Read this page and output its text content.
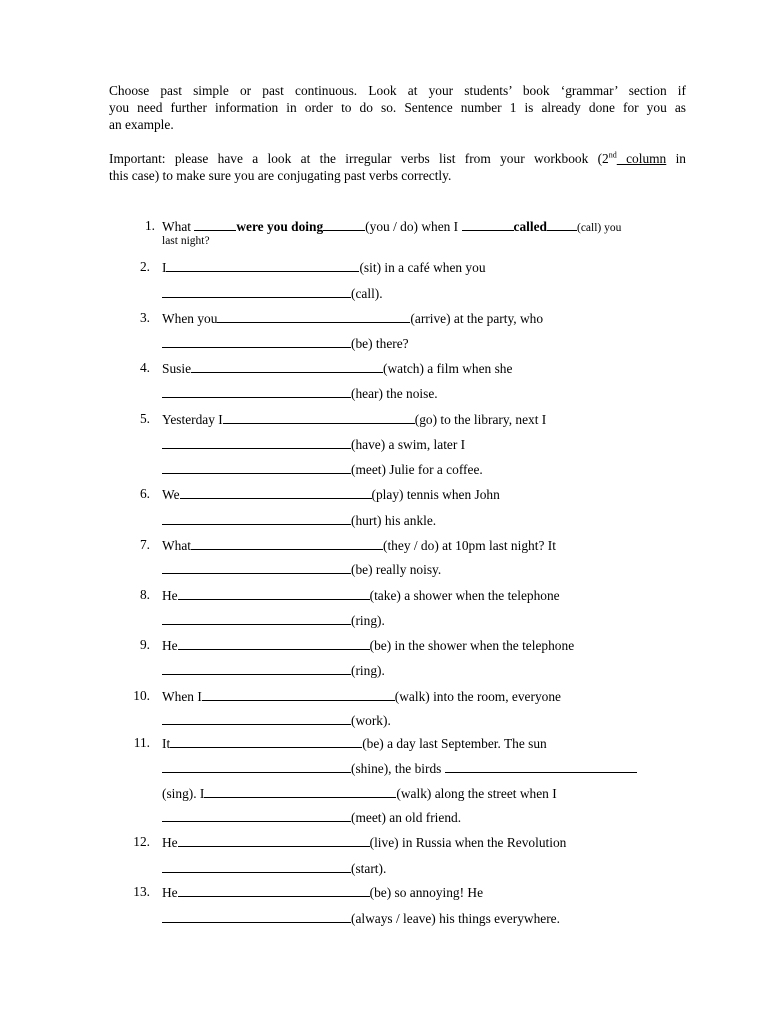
Choose past simple or past continuous. Look at your students’ book ‘grammar’ section if
you need further information in order to do so. Sentence number 1 is already done for you as
an example.
Important: please have a look at the irregular verbs list from your workbook (2nd column in
this case) to make sure you are conjugating past verbs correctly.
1. What	were you doing	(you / do) when I	called	(call) you
last night?
2. I	(sit) in a café when you
(call).
3. When you	(arrive) at the party, who
(be) there?
4. Susie	(watch) a film when she
(hear) the noise.
5. Yesterday I	(go) to the library, next I
(have) a swim, later I
(meet) Julie for a coffee.
6. We	(play) tennis when John
(hurt) his ankle.
7. What	(they / do) at 10pm last night? It
(be) really noisy.
8. He	(take) a shower when the telephone
(ring).
9. He	(be) in the shower when the telephone
(ring).
10. When I	(walk) into the room, everyone
(work).
11. It	(be) a day last September. The sun
(shine), the birds
(sing). I	(walk) along the street when I
(meet) an old friend.
12. He	(live) in Russia when the Revolution
(start).
13. He	(be) so annoying! He
(always / leave) his things everywhere.
